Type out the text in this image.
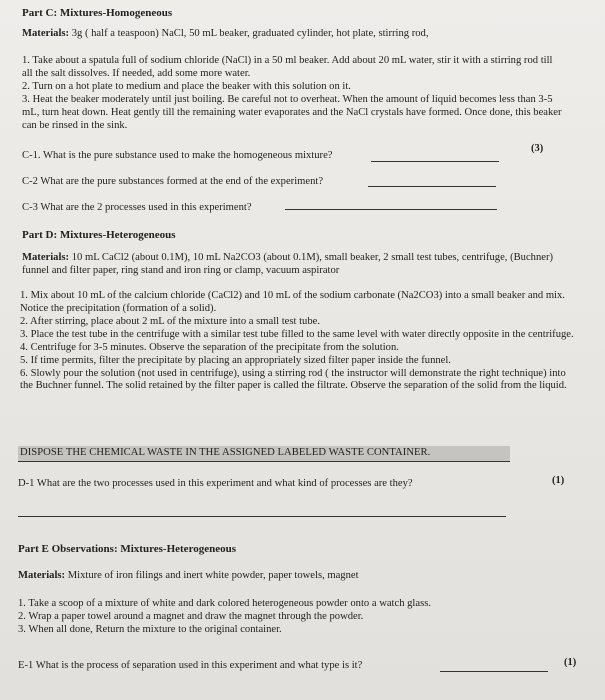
Part C: Mixtures-Homogeneous
Materials: 3g ( half a teaspoon) NaCl, 50 mL beaker, graduated cylinder, hot plate, stirring rod,
1. Take about a spatula full of sodium chloride (NaCl) in a 50 ml beaker. Add about 20 mL water, stir it with a stirring rod till all the salt dissolves. If needed, add some more water.
2. Turn on a hot plate to medium and place the beaker with this solution on it.
3. Heat the beaker moderately until just boiling. Be careful not to overheat. When the amount of liquid becomes less than 3-5 mL, turn heat down. Heat gently till the remaining water evaporates and the NaCl crystals have formed. Once done, this beaker can be rinsed in the sink.
C-1. What is the pure substance used to make the homogeneous mixture?
(3)
C-2 What are the pure substances formed at the end of the experiment?
C-3 What are the 2 processes used in this experiment?
Part D: Mixtures-Heterogeneous
Materials: 10 mL CaCl2 (about 0.1M), 10 mL Na2CO3 (about 0.1M), small beaker, 2 small test tubes, centrifuge, (Buchner) funnel and filter paper, ring stand and iron ring or clamp, vacuum aspirator
1. Mix about 10 mL of the calcium chloride (CaCl2) and 10 mL of the sodium carbonate (Na2CO3) into a small beaker and mix. Notice the precipitation (formation of a solid).
2. After stirring, place about 2 mL of the mixture into a small test tube.
3. Place the test tube in the centrifuge with a similar test tube filled to the same level with water directly opposite in the centrifuge.
4. Centrifuge for 3-5 minutes. Observe the separation of the precipitate from the solution.
5. If time permits, filter the precipitate by placing an appropriately sized filter paper inside the funnel.
6. Slowly pour the solution (not used in centrifuge), using a stirring rod ( the instructor will demonstrate the right technique) into the Buchner funnel. The solid retained by the filter paper is called the filtrate. Observe the separation of the solid from the liquid.
DISPOSE THE CHEMICAL WASTE IN THE ASSIGNED LABELED WASTE CONTAINER.
D-1 What are the two processes used in this experiment and what kind of processes are they?	(1)
Part E Observations: Mixtures-Heterogeneous
Materials: Mixture of iron filings and inert white powder, paper towels, magnet
1. Take a scoop of a mixture of white and dark colored heterogeneous powder onto a watch glass.
2. Wrap a paper towel around a magnet and draw the magnet through the powder.
3. When all done, Return the mixture to the original container.
E-1 What is the process of separation used in this experiment and what type is it?	(1)
